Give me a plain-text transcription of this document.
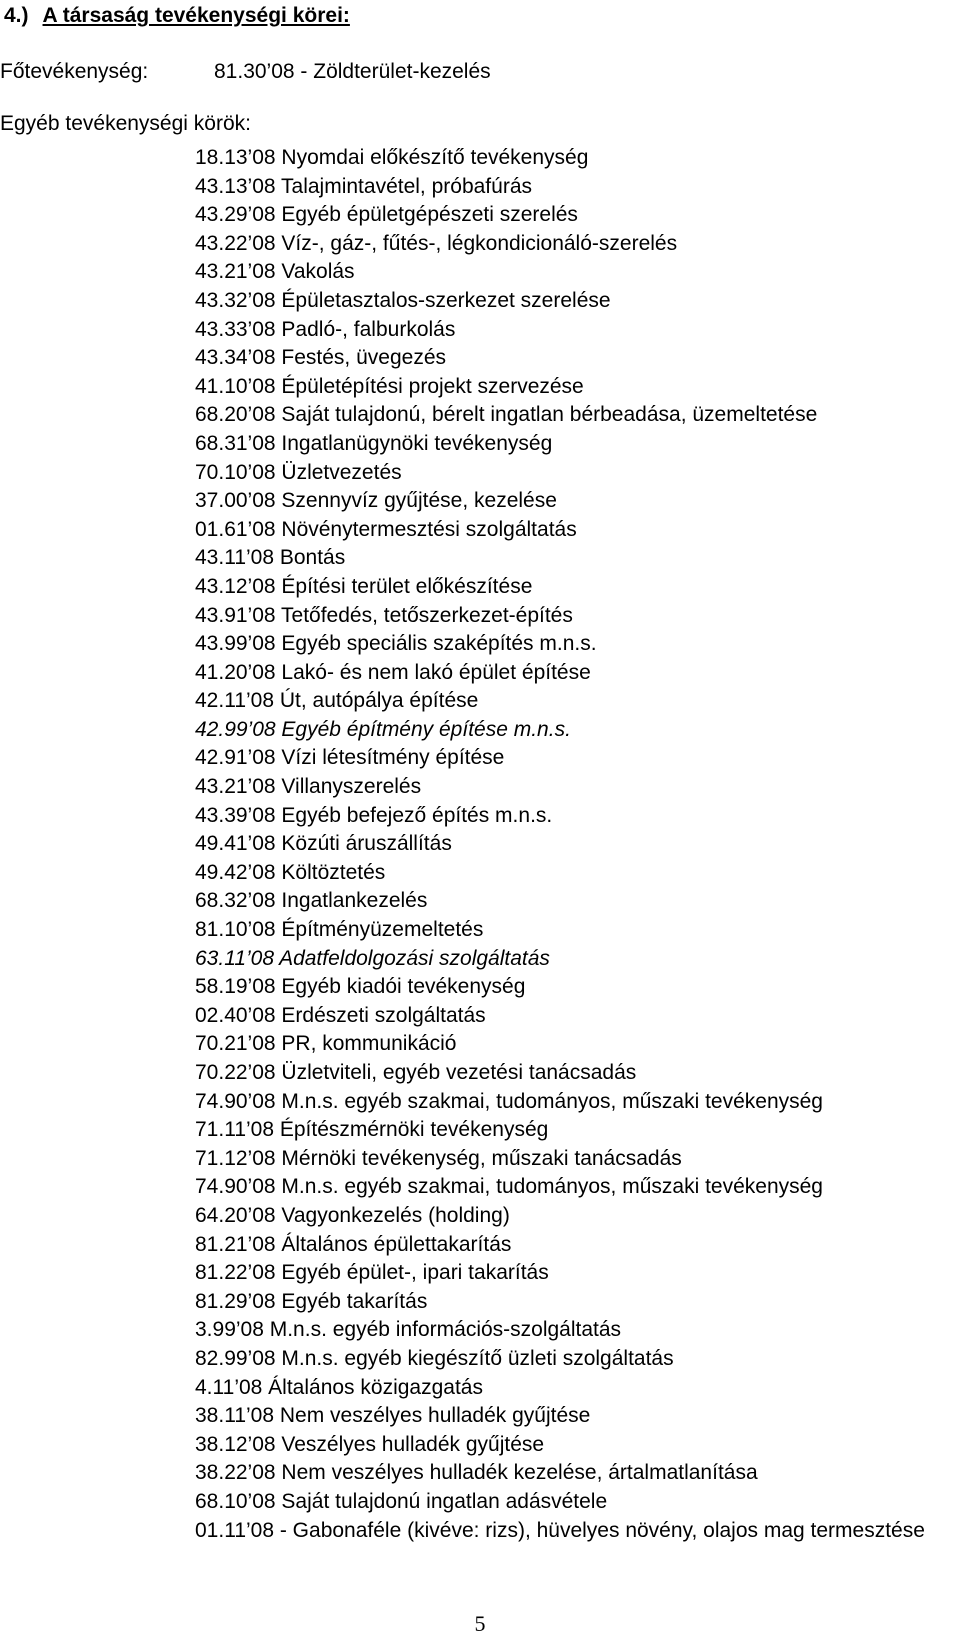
4.) A társaság tevékenységi körei:
Főtevékenység:	81.30’08 - Zöldterület-kezelés
Egyéb tevékenységi körök:
18.13’08 Nyomdai előkészítő tevékenység
43.13’08 Talajmintavétel, próbafúrás
43.29’08 Egyéb épületgépészeti szerelés
43.22’08 Víz-, gáz-, fűtés-, légkondicionáló-szerelés
43.21’08 Vakolás
43.32’08 Épületasztalos-szerkezet szerelése
43.33’08 Padló-, falburkolás
43.34’08 Festés, üvegezés
41.10’08 Épületépítési projekt szervezése
68.20’08 Saját tulajdonú, bérelt ingatlan bérbeadása, üzemeltetése
68.31’08 Ingatlanügynöki tevékenység
70.10’08 Üzletvezetés
37.00’08 Szennyvíz gyűjtése, kezelése
01.61’08 Növénytermesztési szolgáltatás
43.11’08 Bontás
43.12’08 Építési terület előkészítése
43.91’08 Tetőfedés, tetőszerkezet-építés
43.99’08 Egyéb speciális szaképítés m.n.s.
41.20’08 Lakó- és nem lakó épület építése
42.11’08 Út, autópálya építése
42.99’08 Egyéb építmény építése m.n.s.
42.91’08 Vízi létesítmény építése
43.21’08 Villanyszerelés
43.39’08 Egyéb befejező építés m.n.s.
49.41’08 Közúti áruszállítás
49.42’08 Költöztetés
68.32’08 Ingatlankezelés
81.10’08 Építményüzemeltetés
63.11’08 Adatfeldolgozási szolgáltatás
58.19’08 Egyéb kiadói tevékenység
02.40’08 Erdészeti szolgáltatás
70.21’08 PR, kommunikáció
70.22’08 Üzletviteli, egyéb vezetési tanácsadás
74.90’08 M.n.s. egyéb szakmai, tudományos, műszaki tevékenység
71.11’08 Építészmérnöki tevékenység
71.12’08 Mérnöki tevékenység, műszaki tanácsadás
74.90’08 M.n.s. egyéb szakmai, tudományos, műszaki tevékenység
64.20’08 Vagyonkezelés (holding)
81.21’08 Általános épülettakarítás
81.22’08 Egyéb épület-, ipari takarítás
81.29’08 Egyéb takarítás
3.99’08 M.n.s. egyéb információs-szolgáltatás
82.99’08 M.n.s. egyéb kiegészítő üzleti szolgáltatás
4.11’08 Általános közigazgatás
38.11’08 Nem veszélyes hulladék gyűjtése
38.12’08 Veszélyes hulladék gyűjtése
38.22’08 Nem veszélyes hulladék kezelése, ártalmatlanítása
68.10’08 Saját tulajdonú ingatlan adásvétele
01.11’08 - Gabonaféle (kivéve: rizs), hüvelyes növény, olajos mag termesztése
5
